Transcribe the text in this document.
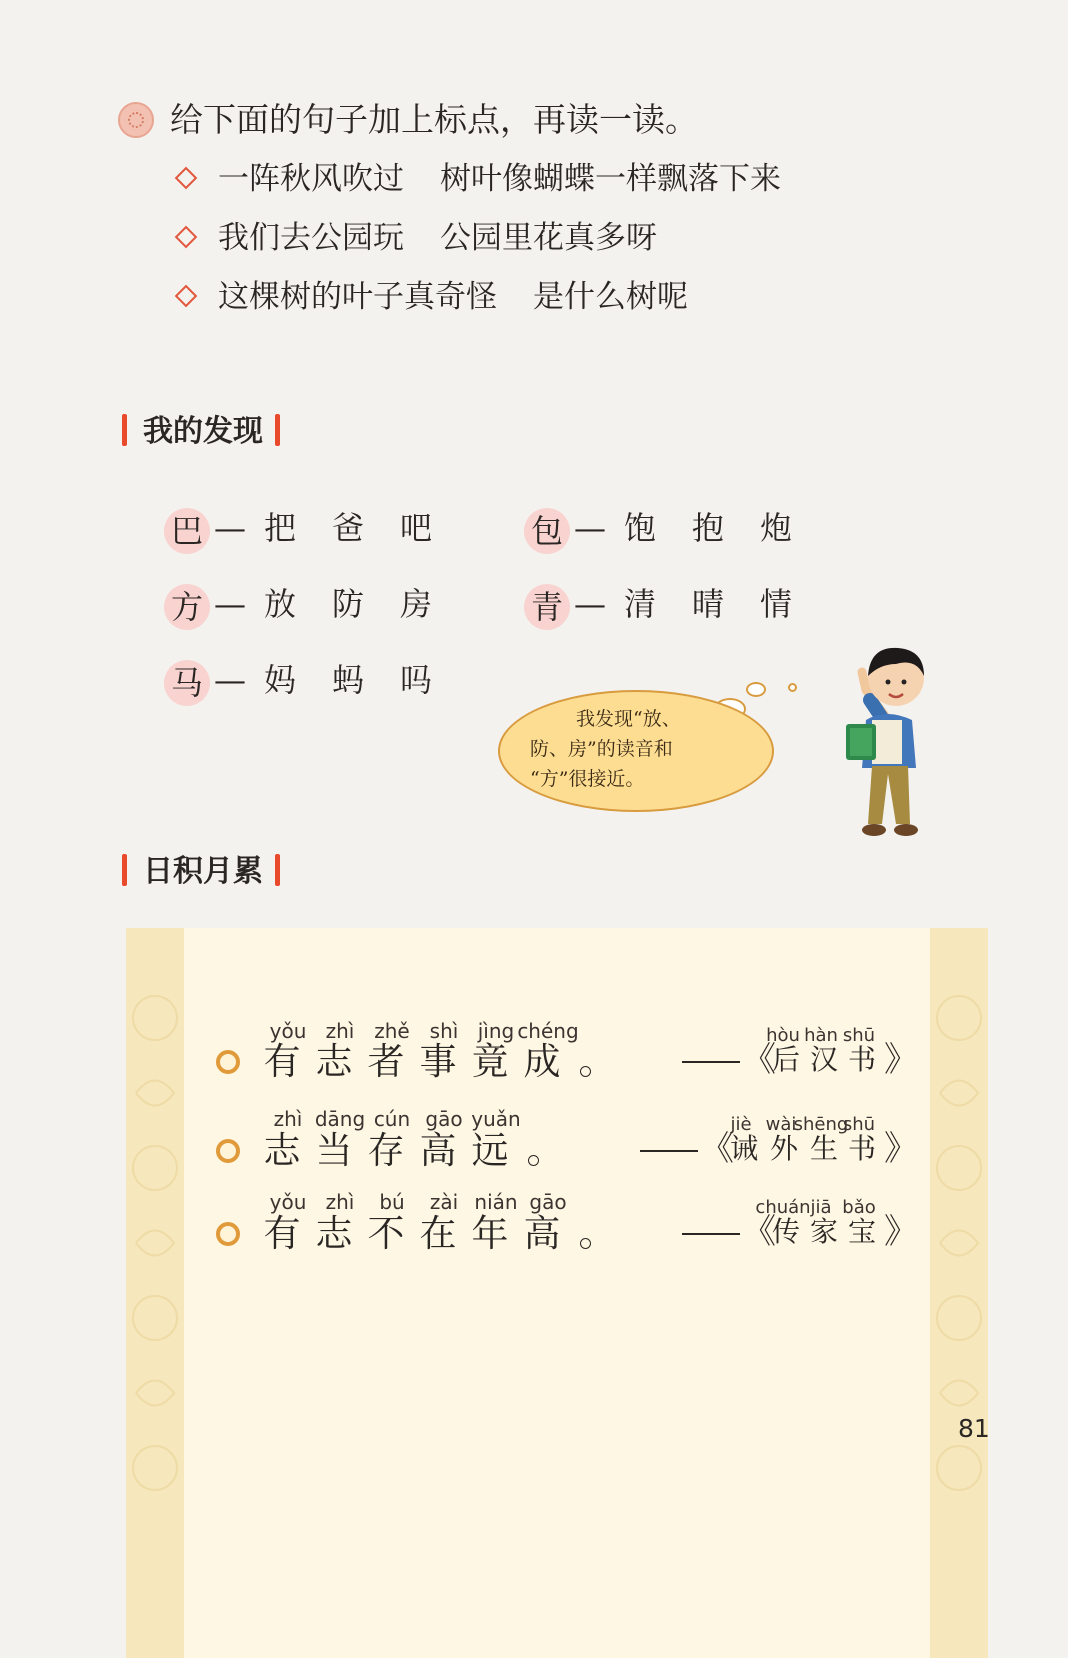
给下面的句子加上标点，再读一读。
一阵秋风吹过 树叶像蝴蝶一样飘落下来
我们去公园玩 公园里花真多呀
这棵树的叶子真奇怪 是什么树呢
我的发现
巴 — 把 爸 吧	包 — 饱 抱 炮
方 — 放 防 房	青 — 清 晴 情
马 — 妈 蚂 吗
我发现“放、
防、房”的读音和
“方”很接近。
日积月累
yǒu zhì zhě shì jìng chéng
有 志 者 事 竟 成	《
hòu hàn shū
后 汉 书 》
zhì dāng cún gāo yuǎn
志 当 存 高 远	《
jiè wài
shēng
shū
诫 外 生 书 》
yǒu zhì	bú	zài nián gāo
有 志 不 在 年 高	《
chuán jiā bǎo
传 家 宝 》
81
